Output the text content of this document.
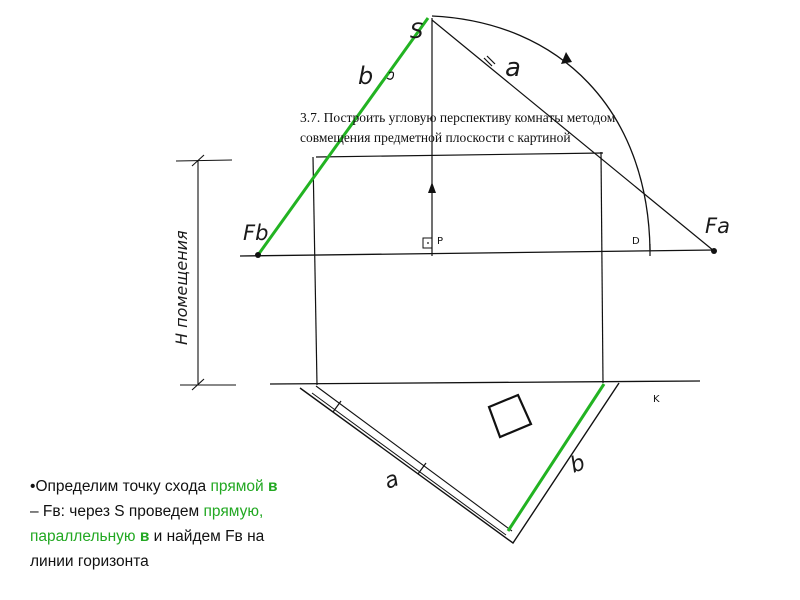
S
a
b
Fb	Fa
P	D
K
a
b
H помещения
3.7. Построить угловую перспективу комнаты методом
совмещения предметной плоскости с картиной
•Определим точку схода прямой в
– Fв: через S проведем прямую,
параллельную в и найдем Fв на
линии горизонта
